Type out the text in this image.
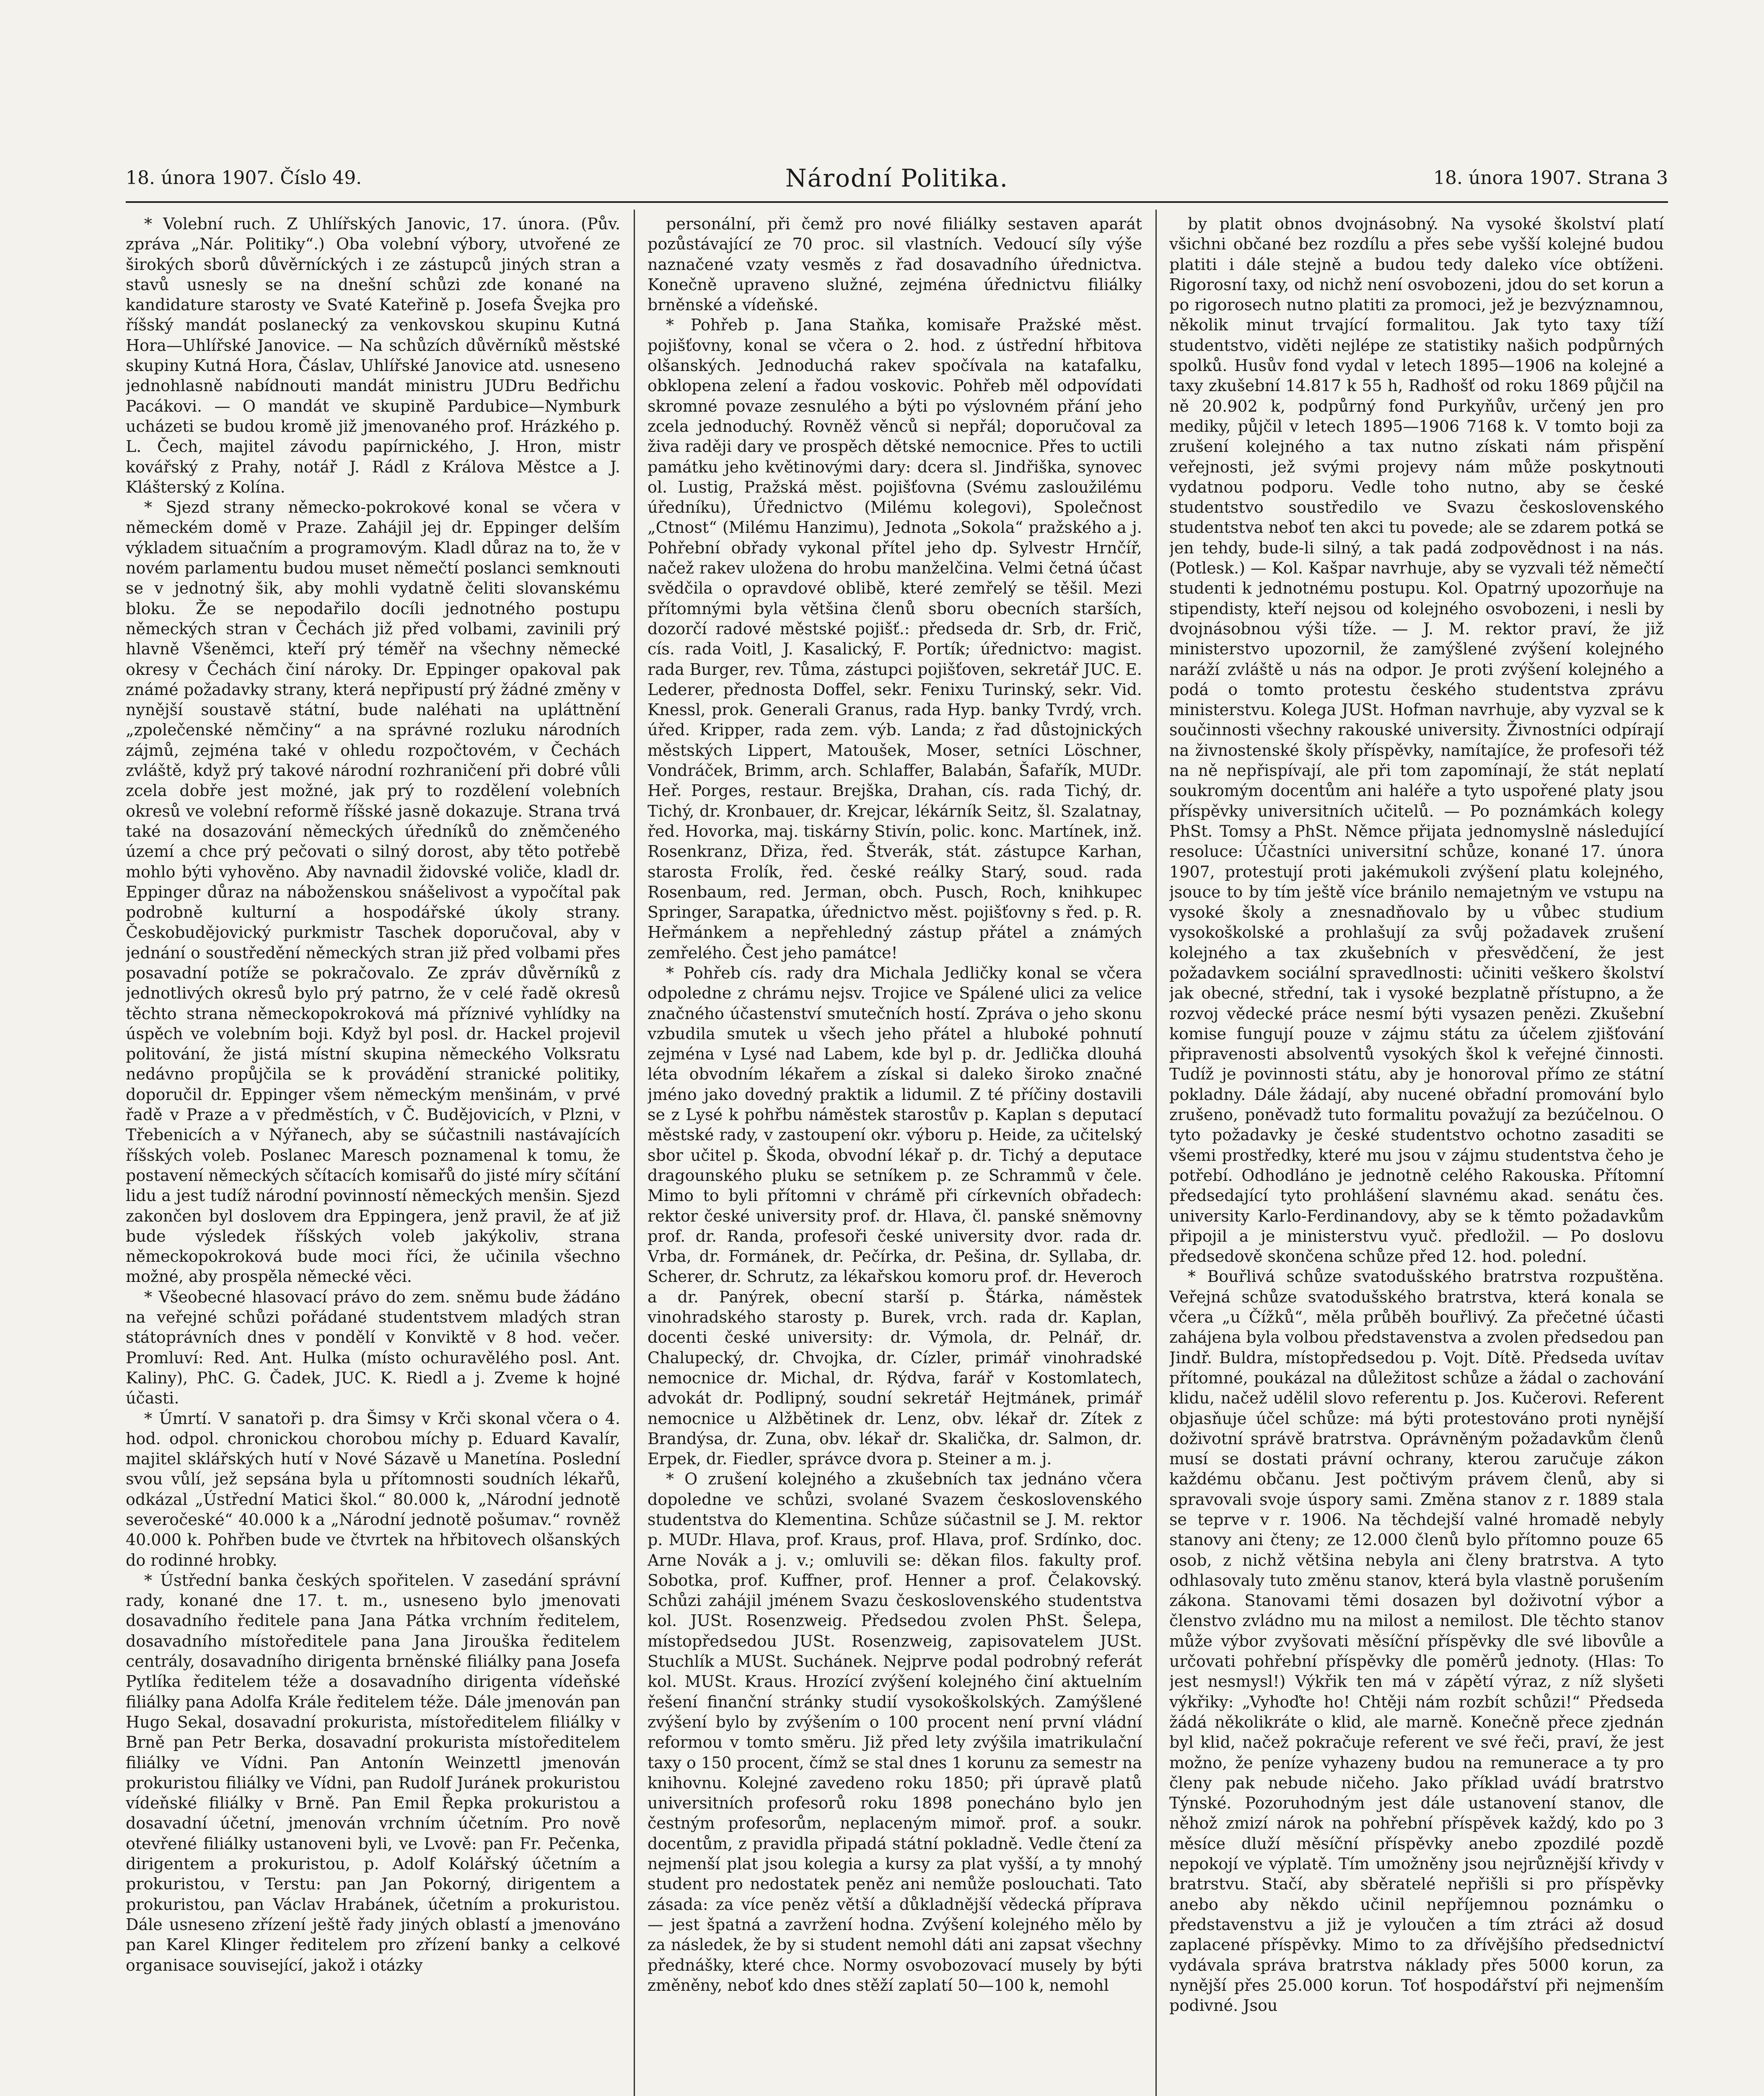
18. února 1907. Číslo 49.	Národní Politika.	18. února 1907. Strana 3

* Volební ruch. Z Uhlířských Janovic, 17. února. (Pův. zpráva „Nár. Politiky“.) Oba volební výbory, utvořené ze širokých sborů důvěrníckých i ze zástupců jiných stran a stavů usnesly se na dnešní schůzi zde konané na kandidature starosty ve Svaté Kateřině p. Josefa Švejka pro říšský mandát poslanecký za venkovskou skupinu Kutná Hora—Uhlířské Janovice. — Na schůzích důvěrníků městské skupiny Kutná Hora, Čáslav, Uhlířské Janovice atd. usneseno jednohlasně nabídnouti mandát ministru JUDru Bedřichu Pacákovi. — O mandát ve skupině Pardubice—Nymburk ucházeti se budou kromě již jmenovaného prof. Hrázkého p. L. Čech, majitel závodu papírnického, J. Hron, mistr kovářský z Prahy, notář J. Rádl z Králova Městce a J. Klášterský z Kolína.

* Sjezd strany německo-pokrokové konal se včera v německém domě v Praze. Zahájil jej dr. Eppinger delším výkladem situačním a programovým. Kladl důraz na to, že v novém parlamentu budou muset němečtí poslanci semknouti se v jednotný šik, aby mohli vydatně čeliti slovanskému bloku. Že se nepodařilo docíli jednotného postupu německých stran v Čechách již před volbami, zavinili prý hlavně Všeněmci, kteří prý téměř na všechny německé okresy v Čechách činí nároky. Dr. Eppinger opakoval pak známé požadavky strany, která nepřipustí prý žádné změny v nynější soustavě státní, bude naléhati na upláttnění „zpolečenské němčiny“ a na správné rozluku národních zájmů, zejména také v ohledu rozpočtovém, v Čechách zvláště, když prý takové národní rozhraničení při dobré vůli zcela dobře jest možné, jak prý to rozdělení volebních okresů ve volební reformě říšské jasně dokazuje. Strana trvá také na dosazování německých úředníků do zněmčeného území a chce prý pečovati o silný dorost, aby těto potřebě mohlo býti vyhověno. Aby navnadil židovské voliče, kladl dr. Eppinger důraz na náboženskou snášelivost a vypočítal pak podrobně kulturní a hospodářské úkoly strany. Českobudějovický purkmistr Taschek doporučoval, aby v jednání o soustředění německých stran již před volbami přes posavadní potíže se pokračovalo. Ze zpráv důvěrníků z jednotlivých okresů bylo prý patrno, že v celé řadě okresů těchto strana německopokroková má příznivé vyhlídky na úspěch ve volebním boji. Když byl posl. dr. Hackel projevil politování, že jistá místní skupina německého Volksratu nedávno propůjčila se k provádění stranické politiky, doporučil dr. Eppinger všem německým menšinám, v prvé řadě v Praze a v předměstích, v Č. Budějovicích, v Plzni, v Třebenicích a v Nýřanech, aby se súčastnili nastávajících říšských voleb. Poslanec Maresch poznamenal k tomu, že postavení německých sčítacích komisařů do jisté míry sčítání lidu a jest tudíž národní povinností německých menšin. Sjezd zakončen byl doslovem dra Eppingera, jenž pravil, že ať již bude výsledek říšských voleb jakýkoliv, strana německopokroková bude moci říci, že učinila všechno možné, aby prospěla německé věci.

* Všeobecné hlasovací právo do zem. sněmu bude žádáno na veřejné schůzi pořádané studentstvem mladých stran státoprávních dnes v pondělí v Konviktě v 8 hod. večer. Promluví: Red. Ant. Hulka (místo ochuravělého posl. Ant. Kaliny), PhC. G. Čadek, JUC. K. Riedl a j. Zveme k hojné účasti.

* Úmrtí. V sanatoři p. dra Šimsy v Krči skonal včera o 4. hod. odpol. chronickou chorobou míchy p. Eduard Kavalír, majitel sklářských hutí v Nové Sázavě u Manetína. Poslední svou vůlí, jež sepsána byla u přítomnosti soudních lékařů, odkázal „Ústřední Matici škol.“ 80.000 k, „Národní jednotě severočeské“ 40.000 k a „Národní jednotě pošumav.“ rovněž 40.000 k. Pohřben bude ve čtvrtek na hřbitovech olšanských do rodinné hrobky.

* Ústřední banka českých spořitelen. V zasedání správní rady, konané dne 17. t. m., usneseno bylo jmenovati dosavadního ředitele pana Jana Pátka vrchním ředitelem, dosavadního místoředitele pana Jana Jirouška ředitelem centrály, dosavadního dirigenta brněnské filiálky pana Josefa Pytlíka ředitelem téže a dosavadního dirigenta vídeňské filiálky pana Adolfa Krále ředitelem téže. Dále jmenován pan Hugo Sekal, dosavadní prokurista, místoředitelem filiálky v Brně pan Petr Berka, dosavadní prokurista místoředitelem filiálky ve Vídni. Pan Antonín Weinzettl jmenován prokuristou filiálky ve Vídni, pan Rudolf Juránek prokuristou vídeňské filiálky v Brně. Pan Emil Řepka prokuristou a dosavadní účetní, jmenován vrchním účetním. Pro nově otevřené filiálky ustanoveni byli, ve Lvově: pan Fr. Pečenka, dirigentem a prokuristou, p. Adolf Kolářský účetním a prokuristou, v Terstu: pan Jan Pokorný, dirigentem a prokuristou, pan Václav Hrabánek, účetním a prokuristou. Dále usneseno zřízení ještě řady jiných oblastí a jmenováno pan Karel Klinger ředitelem pro zřízení banky a celkové organisace související, jakož i otázky

personální, při čemž pro nové filiálky sestaven aparát pozůstávající ze 70 proc. sil vlastních. Vedoucí síly výše naznačené vzaty vesměs z řad dosavadního úřednictva. Konečně upraveno služné, zejména úřednictvu filiálky brněnské a vídeňské.

* Pohřeb p. Jana Staňka, komisaře Pražské měst. pojišťovny, konal se včera o 2. hod. z ústřední hřbitova olšanských. Jednoduchá rakev spočívala na katafalku, obklopena zelení a řadou voskovic. Pohřeb měl odpovídati skromné povaze zesnulého a býti po výslovném přání jeho zcela jednoduchý. Rovněž věnců si nepřál; doporučoval za živa raději dary ve prospěch dětské nemocnice. Přes to uctili památku jeho květinovými dary: dcera sl. Jindřiška, synovec ol. Lustig, Pražská měst. pojišťovna (Svému zasloužilému úředníku), Úřednictvo (Milému kolegovi), Společnost „Ctnost“ (Milému Hanzimu), Jednota „Sokola“ pražského a j. Pohřební obřady vykonal přítel jeho dp. Sylvestr Hrnčíř, načež rakev uložena do hrobu manželčina. Velmi četná účast svědčila o opravdové oblibě, které zemřelý se těšil. Mezi přítomnými byla většina členů sboru obecních starších, dozorčí radové městské pojišť.: předseda dr. Srb, dr. Frič, cís. rada Voitl, J. Kasalický, F. Portík; úřednictvo: magist. rada Burger, rev. Tůma, zástupci pojišťoven, sekretář JUC. E. Lederer, přednosta Doffel, sekr. Fenixu Turinský, sekr. Vid. Knessl, prok. Generali Granus, rada Hyp. banky Tvrdý, vrch. úřed. Kripper, rada zem. výb. Landa; z řad důstojnických městských Lippert, Matoušek, Moser, setníci Löschner, Vondráček, Brimm, arch. Schlaffer, Balabán, Šafařík, MUDr. Heř. Porges, restaur. Brejška, Drahan, cís. rada Tichý, dr. Tichý, dr. Kronbauer, dr. Krejcar, lékárník Seitz, šl. Szalatnay, řed. Hovorka, maj. tiskárny Stivín, polic. konc. Martínek, inž. Rosenkranz, Dřiza, řed. Štverák, stát. zástupce Karhan, starosta Frolík, řed. české reálky Starý, soud. rada Rosenbaum, red. Jerman, obch. Pusch, Roch, knihkupec Springer, Sarapatka, úřednictvo měst. pojišťovny s řed. p. R. Heřmánkem a nepřehledný zástup přátel a známých zemřelého. Čest jeho památce!

* Pohřeb cís. rady dra Michala Jedličky konal se včera odpoledne z chrámu nejsv. Trojice ve Spálené ulici za velice značného účastenství smutečních hostí. Zpráva o jeho skonu vzbudila smutek u všech jeho přátel a hluboké pohnutí zejména v Lysé nad Labem, kde byl p. dr. Jedlička dlouhá léta obvodním lékařem a získal si daleko široko značné jméno jako dovedný praktik a lidumil. Z té příčiny dostavili se z Lysé k pohřbu náměstek starostův p. Kaplan s deputací městské rady, v zastoupení okr. výboru p. Heide, za učitelský sbor učitel p. Škoda, obvodní lékař p. dr. Tichý a deputace dragounského pluku se setníkem p. ze Schrammů v čele. Mimo to byli přítomni v chrámě při církevních obřadech: rektor české university prof. dr. Hlava, čl. panské sněmovny prof. dr. Randa, profesoři české university dvor. rada dr. Vrba, dr. Formánek, dr. Pečírka, dr. Pešina, dr. Syllaba, dr. Scherer, dr. Schrutz, za lékařskou komoru prof. dr. Heveroch a dr. Panýrek, obecní starší p. Štárka, náměstek vinohradského starosty p. Burek, vrch. rada dr. Kaplan, docenti české university: dr. Výmola, dr. Pelnář, dr. Chalupecký, dr. Chvojka, dr. Cízler, primář vinohradské nemocnice dr. Michal, dr. Rýdva, farář v Kostomlatech, advokát dr. Podlipný, soudní sekretář Hejtmánek, primář nemocnice u Alžbětinek dr. Lenz, obv. lékař dr. Zítek z Brandýsa, dr. Zuna, obv. lékař dr. Skalička, dr. Salmon, dr. Erpek, dr. Fiedler, správce dvora p. Steiner a m. j.

* O zrušení kolejného a zkušebních tax jednáno včera dopoledne ve schůzi, svolané Svazem československého studentstva do Klementina. Schůze súčastnil se J. M. rektor p. MUDr. Hlava, prof. Kraus, prof. Hlava, prof. Srdínko, doc. Arne Novák a j. v.; omluvili se: děkan filos. fakulty prof. Sobotka, prof. Kuffner, prof. Henner a prof. Čelakovský. Schůzi zahájil jménem Svazu československého studentstva kol. JUSt. Rosenzweig. Předsedou zvolen PhSt. Šelepa, místopředsedou JUSt. Rosenzweig, zapisovatelem JUSt. Stuchlík a MUSt. Suchánek. Nejprve podal podrobný referát kol. MUSt. Kraus. Hrozící zvýšení kolejného činí aktuelním řešení finanční stránky studií vysokoškolských. Zamýšlené zvýšení bylo by zvýšením o 100 procent není první vládní reformou v tomto směru. Již před lety zvýšila imatrikulační taxy o 150 procent, čímž se stal dnes 1 korunu za semestr na knihovnu. Kolejné zavedeno roku 1850; při úpravě platů universitních profesorů roku 1898 ponecháno bylo jen čestným profesorům, neplaceným mimoř. prof. a soukr. docentům, z pravidla připadá státní pokladně. Vedle čtení za nejmenší plat jsou kolegia a kursy za plat vyšší, a ty mnohý student pro nedostatek peněz ani nemůže poslouchati. Tato zásada: za více peněz větší a důkladnější vědecká příprava — jest špatná a zavržení hodna. Zvýšení kolejného mělo by za následek, že by si student nemohl dáti ani zapsat všechny přednášky, které chce. Normy osvobozovací musely by býti změněny, neboť kdo dnes stěží zaplatí 50—100 k, nemohl

by platit obnos dvojnásobný. Na vysoké školství platí všichni občané bez rozdílu a přes sebe vyšší kolejné budou platiti i dále stejně a budou tedy daleko více obtíženi. Rigorosní taxy, od nichž není osvobozeni, jdou do set korun a po rigorosech nutno platiti za promoci, jež je bezvýznamnou, několik minut trvající formalitou. Jak tyto taxy tíží studentstvo, viděti nejlépe ze statistiky našich podpůrných spolků. Husův fond vydal v letech 1895—1906 na kolejné a taxy zkušební 14.817 k 55 h, Radhošť od roku 1869 půjčil na ně 20.902 k, podpůrný fond Purkyňův, určený jen pro mediky, půjčil v letech 1895—1906 7168 k. V tomto boji za zrušení kolejného a tax nutno získati nám přispění veřejnosti, jež svými projevy nám může poskytnouti vydatnou podporu. Vedle toho nutno, aby se české studentstvo soustředilo ve Svazu československého studentstva neboť ten akci tu povede; ale se zdarem potká se jen tehdy, bude-li silný, a tak padá zodpovědnost i na nás. (Potlesk.) — Kol. Kašpar navrhuje, aby se vyzvali též němečtí studenti k jednotnému postupu. Kol. Opatrný upozorňuje na stipendisty, kteří nejsou od kolejného osvobozeni, i nesli by dvojnásobnou výši tíže. — J. M. rektor praví, že již ministerstvo upozornil, že zamýšlené zvýšení kolejného naráží zvláště u nás na odpor. Je proti zvýšení kolejného a podá o tomto protestu českého studentstva zprávu ministerstvu. Kolega JUSt. Hofman navrhuje, aby vyzval se k součinnosti všechny rakouské university. Živnostníci odpírají na živnostenské školy příspěvky, namítajíce, že profesoři též na ně nepřispívají, ale při tom zapomínají, že stát neplatí soukromým docentům ani haléře a tyto uspořené platy jsou příspěvky universitních učitelů. — Po poznámkách kolegy PhSt. Tomsy a PhSt. Němce přijata jednomyslně následující resoluce: Účastníci universitní schůze, konané 17. února 1907, protestují proti jakémukoli zvýšení platu kolejného, jsouce to by tím ještě více bránilo nemajetným ve vstupu na vysoké školy a znesnadňovalo by u vůbec studium vysokoškolské a prohlašují za svůj požadavek zrušení kolejného a tax zkušebních v přesvědčení, že jest požadavkem sociální spravedlnosti: učiniti veškero školství jak obecné, střední, tak i vysoké bezplatně přístupno, a že rozvoj vědecké práce nesmí býti vysazen penězi. Zkušební komise fungují pouze v zájmu státu za účelem zjišťování připravenosti absolventů vysokých škol k veřejné činnosti. Tudíž je povinnosti státu, aby je honoroval přímo ze státní pokladny. Dále žádají, aby nucené obřadní promování bylo zrušeno, poněvadž tuto formalitu považují za bezúčelnou. O tyto požadavky je české studentstvo ochotno zasaditi se všemi prostředky, které mu jsou v zájmu studentstva čeho je potřebí. Odhodláno je jednotně celého Rakouska. Přítomní předsedající tyto prohlášení slavnému akad. senátu čes. university Karlo-Ferdinandovy, aby se k těmto požadavkům připojil a je ministerstvu vyuč. předložil. — Po doslovu předsedově skončena schůze před 12. hod. polední.

* Bouřlivá schůze svatodušského bratrstva rozpuštěna. Veřejná schůze svatodušského bratrstva, která konala se včera „u Čížků“, měla průběh bouřlivý. Za přečetné účasti zahájena byla volbou představenstva a zvolen předsedou pan Jindř. Buldra, místopředsedou p. Vojt. Dítě. Předseda uvítav přítomné, poukázal na důležitost schůze a žádal o zachování klidu, načež udělil slovo referentu p. Jos. Kučerovi. Referent objasňuje účel schůze: má býti protestováno proti nynější doživotní správě bratrstva. Oprávněným požadavkům členů musí se dostati právní ochrany, kterou zaručuje zákon každému občanu. Jest počtivým právem členů, aby si spravovali svoje úspory sami. Změna stanov z r. 1889 stala se teprve v r. 1906. Na těchdejší valné hromadě nebyly stanovy ani čteny; ze 12.000 členů bylo přítomno pouze 65 osob, z nichž většina nebyla ani členy bratrstva. A tyto odhlasovaly tuto změnu stanov, která byla vlastně porušením zákona. Stanovami těmi dosazen byl doživotní výbor a členstvo zvládno mu na milost a nemilost. Dle těchto stanov může výbor zvyšovati měsíční příspěvky dle své libovůle a určovati pohřební příspěvky dle poměrů jednoty. (Hlas: To jest nesmysl!) Výkřik ten má v zápětí výraz, z níž slyšeti výkřiky: „Vyhoďte ho! Chtěji nám rozbít schůzi!“ Předseda žádá několikráte o klid, ale marně. Konečně přece zjednán byl klid, načež pokračuje referent ve své řeči, praví, že jest možno, že peníze vyhazeny budou na remunerace a ty pro členy pak nebude ničeho. Jako příklad uvádí bratrstvo Týnské. Pozoruhodným jest dále ustanovení stanov, dle něhož zmizí nárok na pohřební příspěvek každý, kdo po 3 měsíce dluží měsíční příspěvky anebo zpozdilé pozdě nepokojí ve výplatě. Tím umožněny jsou nejrůznější křivdy v bratrstvu. Stačí, aby sběratelé nepřišli si pro příspěvky anebo aby někdo učinil nepříjemnou poznámku o představenstvu a již je vyloučen a tím ztráci až dosud zaplacené příspěvky. Mimo to za dřívějšího předsednictví vydávala správa bratrstva náklady přes 5000 korun, za nynější přes 25.000 korun. Toť hospodářství při nejmenším podivné. Jsou
